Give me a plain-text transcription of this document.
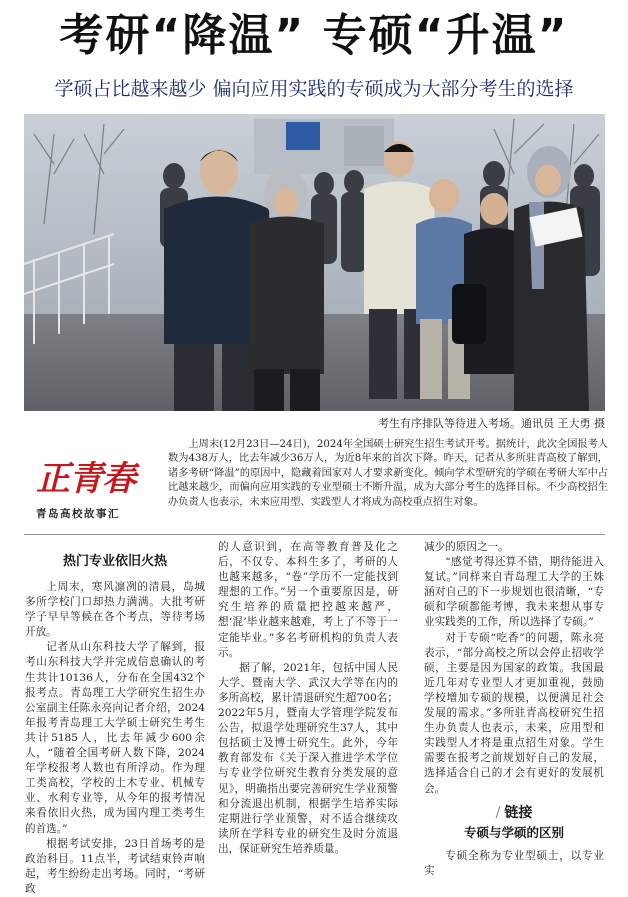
考研“降温” 专硕“升温”
学硕占比越来越少 偏向应用实践的专硕成为大部分考生的选择
考生有序排队等待进入考场。通讯员 王大勇 摄
正青春
青岛高校故事汇
上周末(12月23日—24日)，2024年全国硕士研究生招生考试开考。据统计，此次全国报考人数为438万人，比去年减少36万人，为近8年来的首次下降。昨天，记者从多所驻青高校了解到，诸多考研“降温”的原因中，隐藏着国家对人才要求新变化。倾向学术型研究的学硕在考研大军中占比越来越少，而偏向应用实践的专业型硕士不断升温，成为大部分考生的选择目标。不少高校招生办负责人也表示，未来应用型、实践型人才将成为高校重点招生对象。
热门专业依旧火热

上周末，寒风凛冽的清晨，岛城多所学校门口却热力满满。大批考研学子早早等候在各个考点，等待考场开放。

记者从山东科技大学了解到，报考山东科技大学并完成信息确认的考生共计10136人，分布在全国432个报考点。青岛理工大学研究生招生办公室副主任陈永亮向记者介绍，2024年报考青岛理工大学硕士研究生考生共计5185人，比去年减少600余人，“随着全国考研人数下降，2024年学校报考人数也有所浮动。作为理工类高校，学校的土木专业、机械专业、水利专业等，从今年的报考情况来看依旧火热，成为国内理工类考生的首选。”

根据考试安排，23日首场考的是政治科目。11点半，考试结束铃声响起，考生纷纷走出考场。同时，“考研政

的人意识到，在高等教育普及化之后，不仅专、本科生多了，考研的人也越来越多，“卷”学历不一定能找到理想的工作。”另一个重要原因是，研究生培养的质量把控越来越严，想‘混’毕业越来越难，考上了不等于一定能毕业。”多名考研机构的负责人表示。

据了解，2021年，包括中国人民大学、暨南大学、武汉大学等在内的多所高校，累计清退研究生超700名；2022年5月，暨南大学管理学院发布公告，拟退学处理研究生37人，其中包括硕士及博士研究生。此外，今年教育部发布《关于深入推进学术学位与专业学位研究生教育分类发展的意见》，明确指出要完善研究生学业预警和分流退出机制，根据学生培养实际定期进行学业预警，对不适合继续攻读所在学科专业的研究生及时分流退出，保证研究生培养质量。

减少的原因之一。

“感觉考得还算不错，期待能进入复试。”同样来自青岛理工大学的王姝涵对自己的下一步规划也很清晰，“专硕和学硕都能考博，我未来想从事专业实践类的工作，所以选择了专硕。”

对于专硕“吃香”的问题，陈永亮表示，“部分高校之所以会停止招收学硕，主要是因为国家的政策。我国最近几年对专业型人才更加重视，鼓励学校增加专硕的规模，以便满足社会发展的需求。”多所驻青高校研究生招生办负责人也表示，未来，应用型和实践型人才将是重点招生对象。学生需要在报考之前规划好自己的发展，选择适合自己的才会有更好的发展机会。

/ 链接
专硕与学硕的区别

专硕全称为专业型硕士，以专业实
